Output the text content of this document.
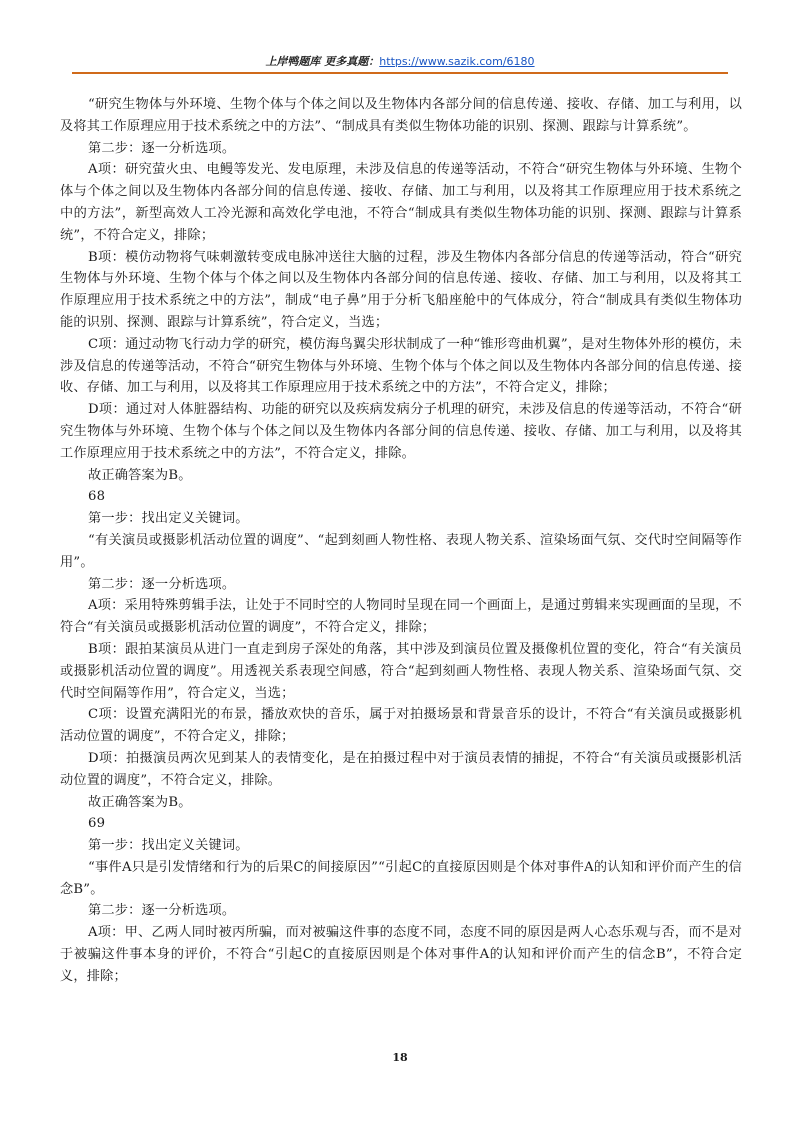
上岸鸭题库 更多真题：https://www.sazik.com/6180

“研究生物体与外环境、生物个体与个体之间以及生物体内各部分间的信息传递、接收、存储、加工与利用，以及将其工作原理应用于技术系统之中的方法”、“制成具有类似生物体功能的识别、探测、跟踪与计算系统”。

第二步：逐一分析选项。

A项：研究萤火虫、电鳗等发光、发电原理，未涉及信息的传递等活动，不符合“研究生物体与外环境、生物个体与个体之间以及生物体内各部分间的信息传递、接收、存储、加工与利用，以及将其工作原理应用于技术系统之中的方法”，新型高效人工冷光源和高效化学电池，不符合“制成具有类似生物体功能的识别、探测、跟踪与计算系统”，不符合定义，排除；

B项：模仿动物将气味刺激转变成电脉冲送往大脑的过程，涉及生物体内各部分信息的传递等活动，符合“研究生物体与外环境、生物个体与个体之间以及生物体内各部分间的信息传递、接收、存储、加工与利用，以及将其工作原理应用于技术系统之中的方法”，制成“电子鼻”用于分析飞船座舱中的气体成分，符合“制成具有类似生物体功能的识别、探测、跟踪与计算系统”，符合定义，当选；

C项：通过动物飞行动力学的研究，模仿海鸟翼尖形状制成了一种“锥形弯曲机翼”，是对生物体外形的模仿，未涉及信息的传递等活动，不符合“研究生物体与外环境、生物个体与个体之间以及生物体内各部分间的信息传递、接收、存储、加工与利用，以及将其工作原理应用于技术系统之中的方法”，不符合定义，排除；

D项：通过对人体脏器结构、功能的研究以及疾病发病分子机理的研究，未涉及信息的传递等活动，不符合“研究生物体与外环境、生物个体与个体之间以及生物体内各部分间的信息传递、接收、存储、加工与利用，以及将其工作原理应用于技术系统之中的方法”，不符合定义，排除。

故正确答案为B。

68

第一步：找出定义关键词。

“有关演员或摄影机活动位置的调度”、“起到刻画人物性格、表现人物关系、渲染场面气氛、交代时空间隔等作用”。

第二步：逐一分析选项。

A项：采用特殊剪辑手法，让处于不同时空的人物同时呈现在同一个画面上，是通过剪辑来实现画面的呈现，不符合“有关演员或摄影机活动位置的调度”，不符合定义，排除；

B项：跟拍某演员从进门一直走到房子深处的角落，其中涉及到演员位置及摄像机位置的变化，符合“有关演员或摄影机活动位置的调度”。用透视关系表现空间感，符合“起到刻画人物性格、表现人物关系、渲染场面气氛、交代时空间隔等作用”，符合定义，当选；

C项：设置充满阳光的布景，播放欢快的音乐，属于对拍摄场景和背景音乐的设计，不符合“有关演员或摄影机活动位置的调度”，不符合定义，排除；

D项：拍摄演员两次见到某人的表情变化，是在拍摄过程中对于演员表情的捕捉，不符合“有关演员或摄影机活动位置的调度”，不符合定义，排除。

故正确答案为B。

69

第一步：找出定义关键词。

“事件A只是引发情绪和行为的后果C的间接原因”“引起C的直接原因则是个体对事件A的认知和评价而产生的信念B”。

第二步：逐一分析选项。

A项：甲、乙两人同时被丙所骗，而对被骗这件事的态度不同，态度不同的原因是两人心态乐观与否，而不是对于被骗这件事本身的评价，不符合“引起C的直接原因则是个体对事件A的认知和评价而产生的信念B”，不符合定义，排除；

18
